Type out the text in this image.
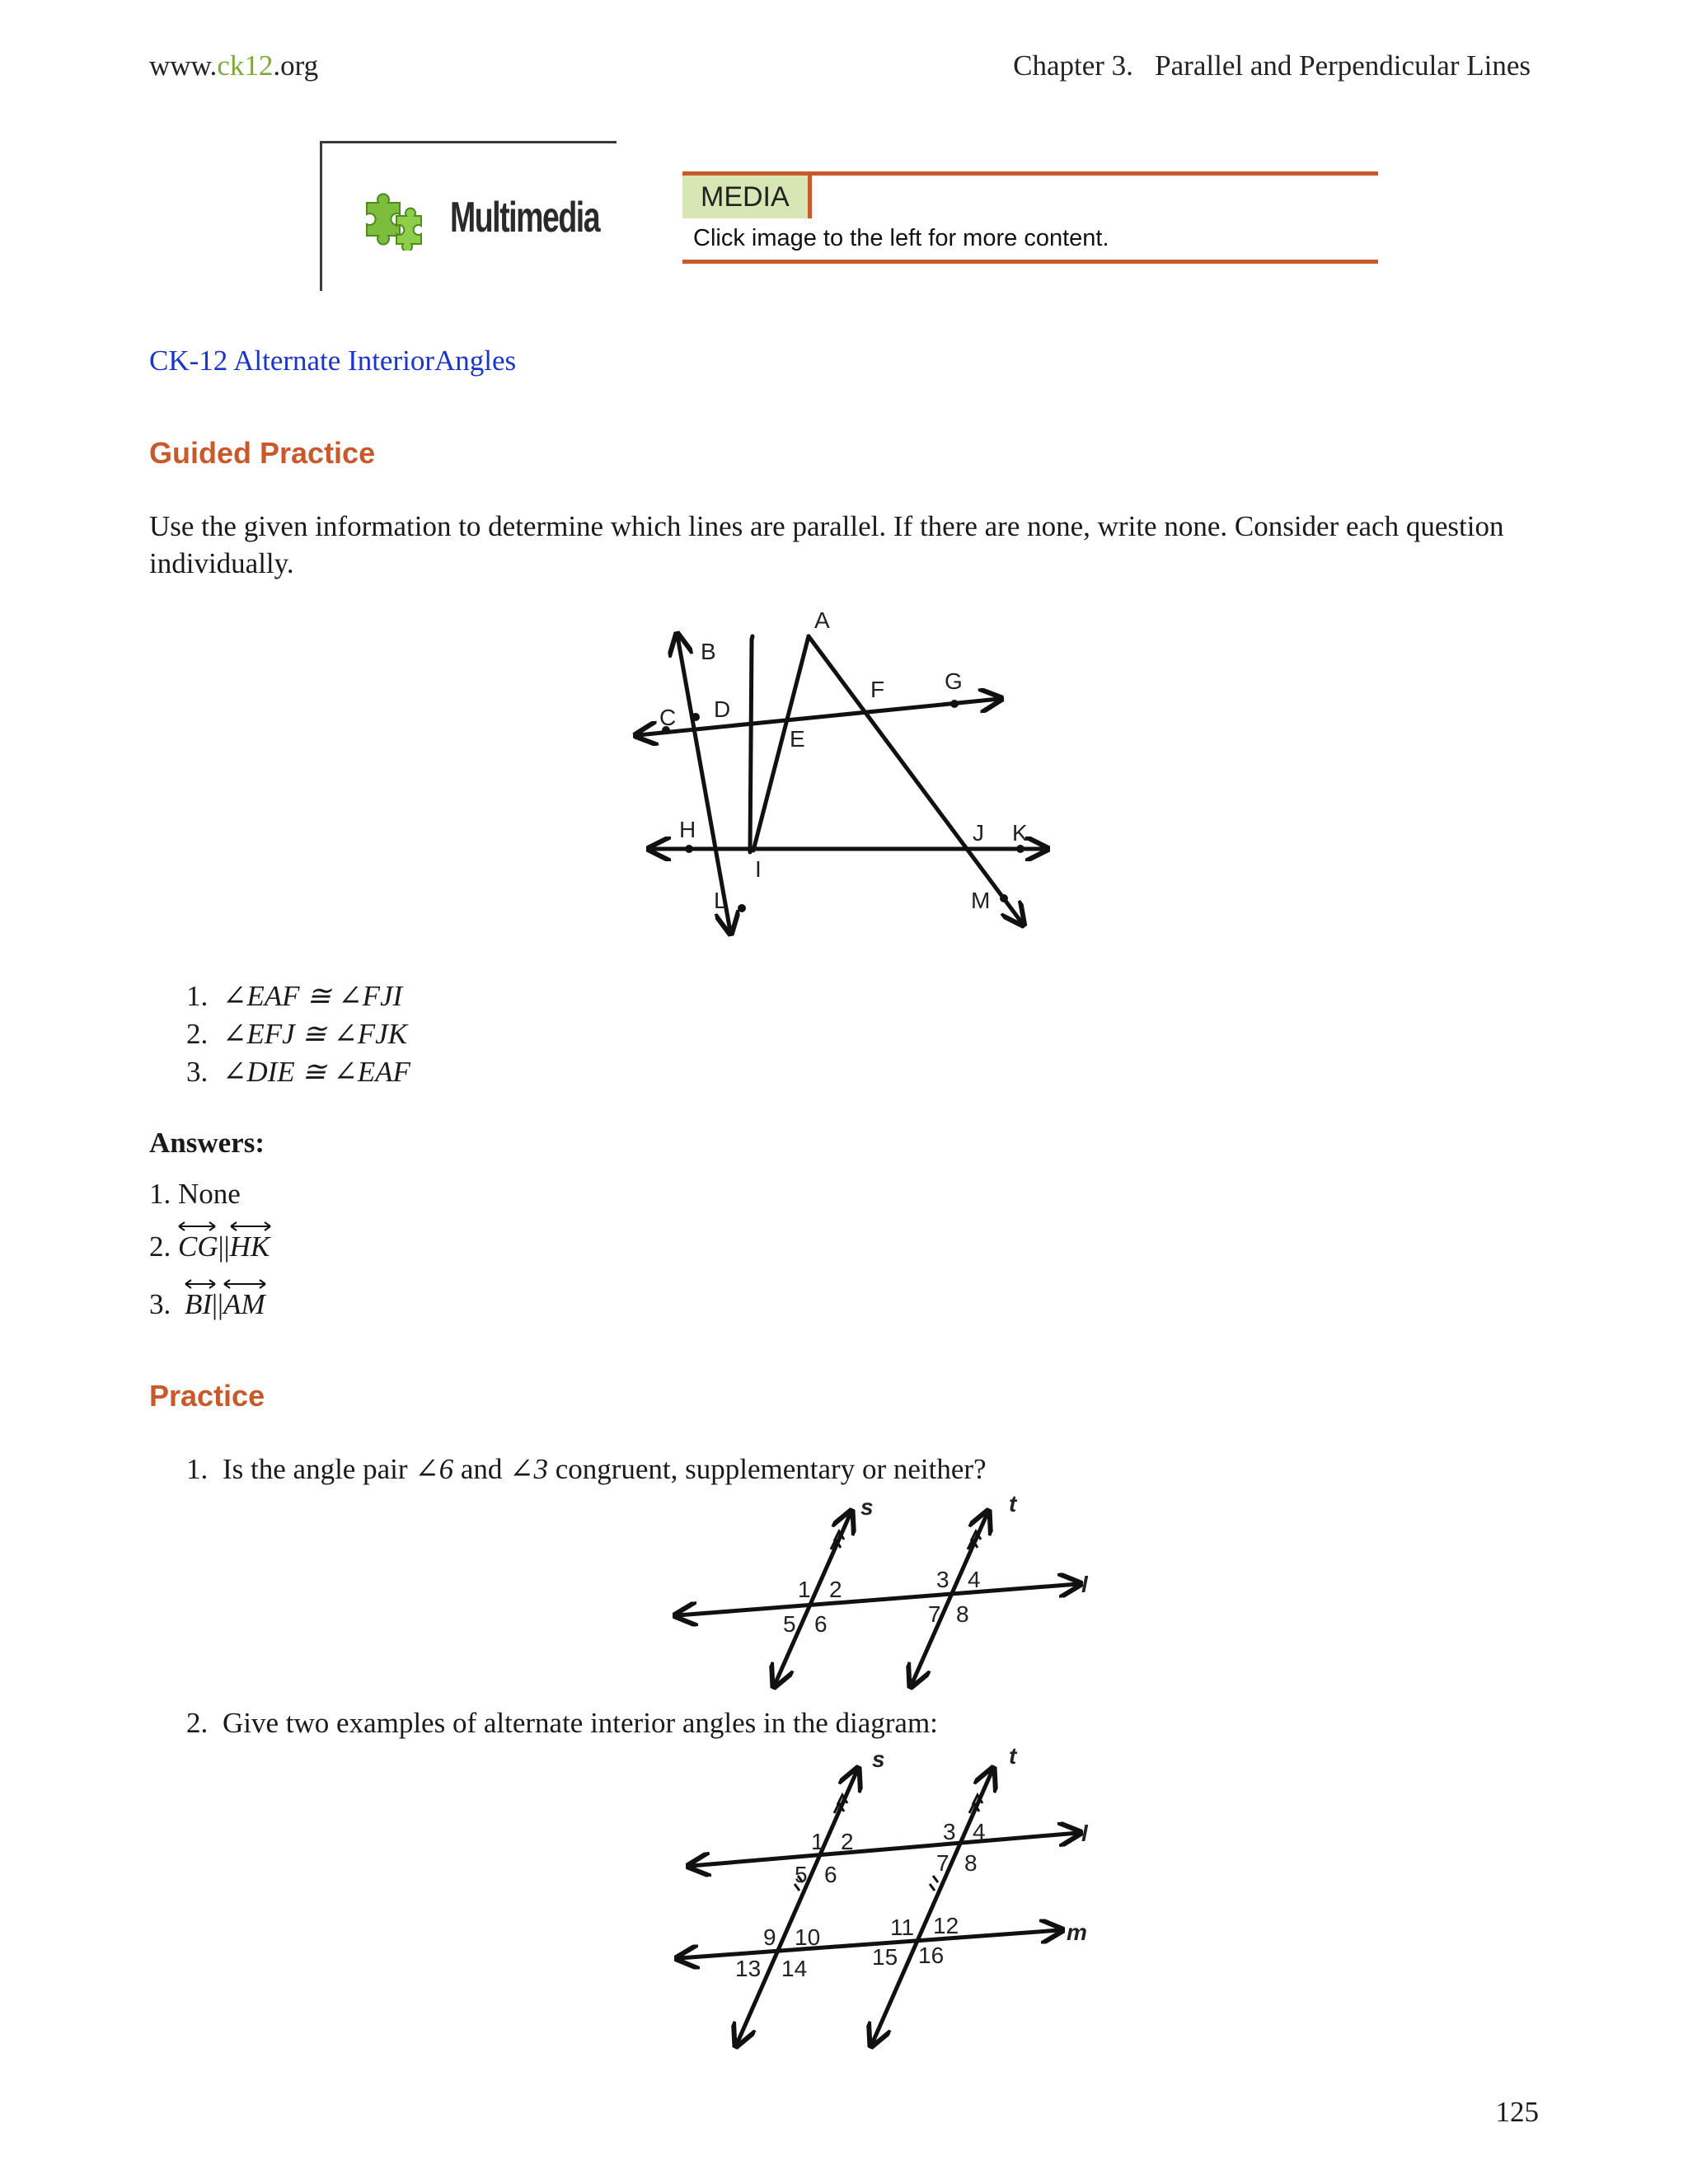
www.ck12.org	Chapter 3.   Parallel and Perpendicular Lines
Multimedia	MEDIA
Click image to the left for more content.
CK-12 Alternate InteriorAngles
Guided Practice
Use the given information to determine which lines are parallel. If there are none, write none. Consider each question individually.
A
B
C D
E
F	G
H
I
J K
L	M
1. ∠EAF ≅ ∠FJI
2. ∠EFJ ≅ ∠FJK
3. ∠DIE ≅ ∠EAF
Answers:
1. None
2. CG||
HK
3. BI||
AM
Practice
1. Is the angle pair ∠6 and ∠3 congruent, supplementary or neither?
s	t
l
1 2	3 4
5 6	7 8
2. Give two examples of alternate interior angles in the diagram:
s	t
l
m
1 2	3 4
5 6	7 8
9 10	11 12
13 14	15 16
125
